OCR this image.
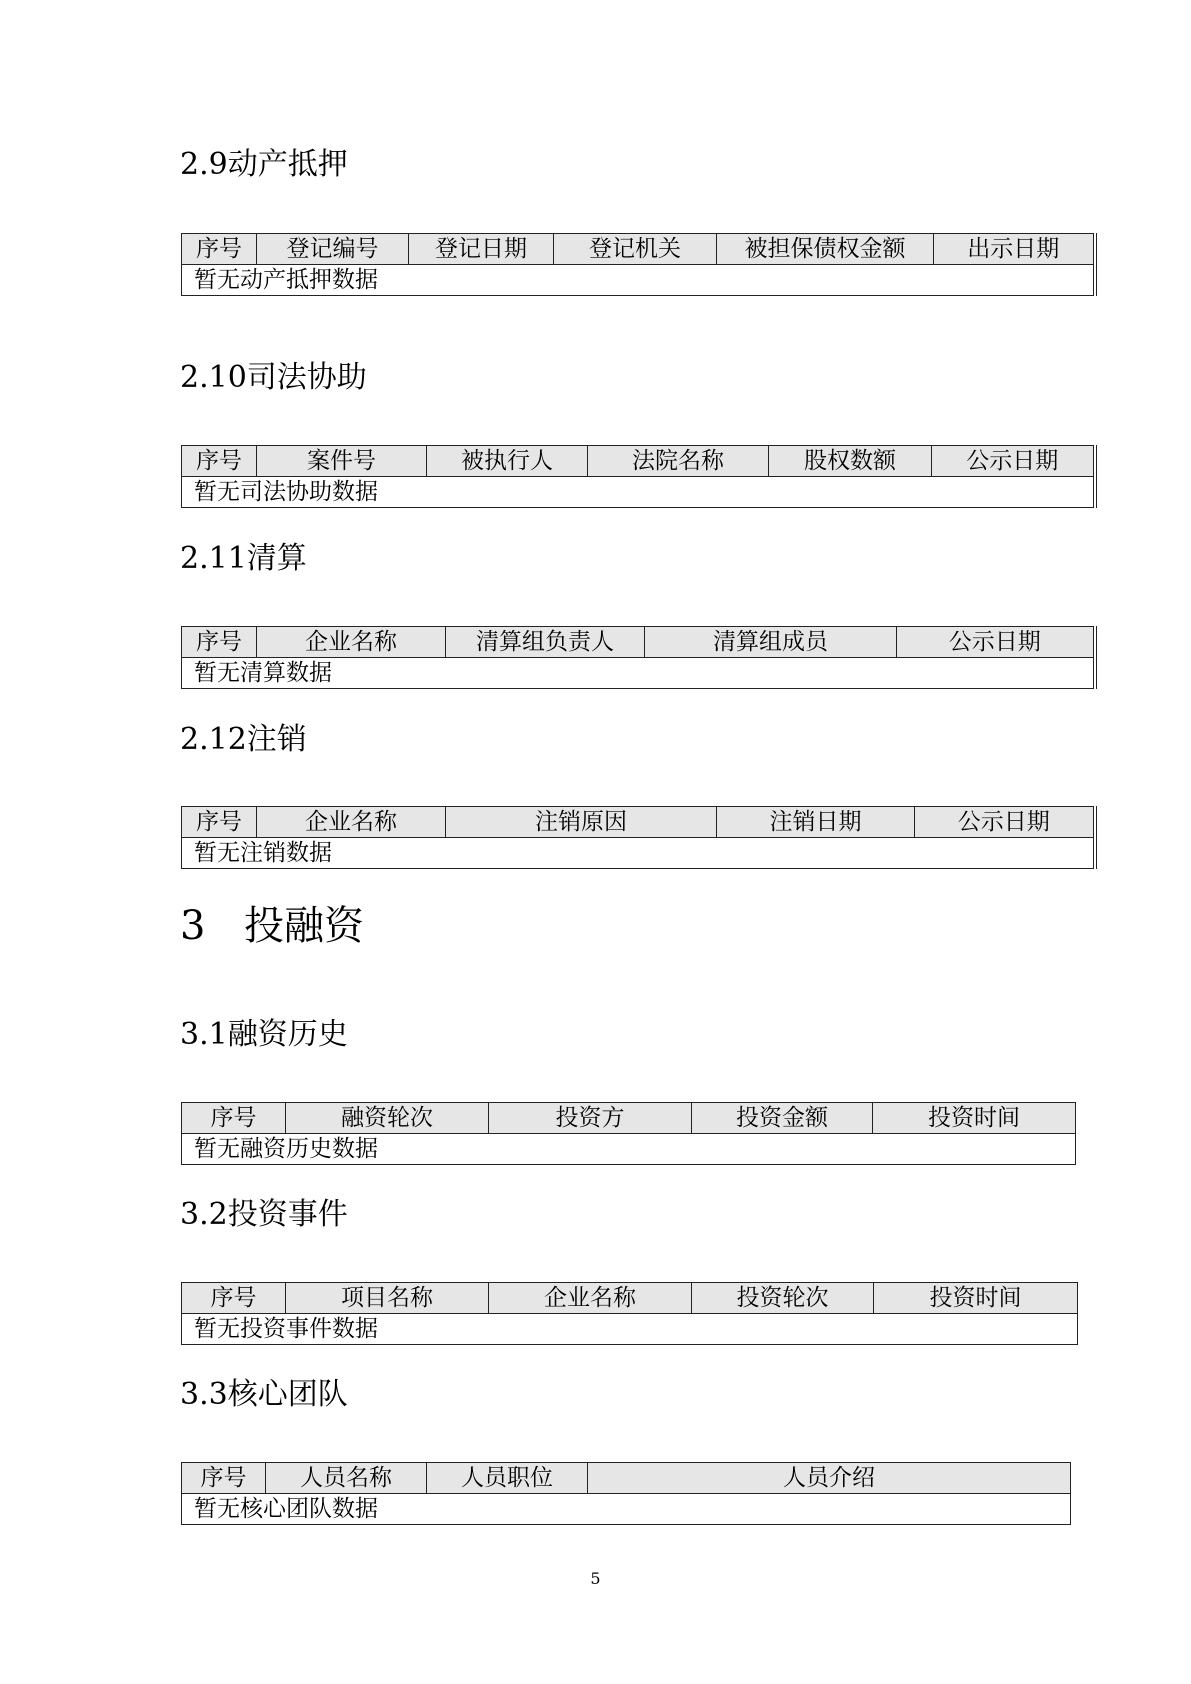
2.9动产抵押
序号	登记编号	登记日期	登记机关	被担保债权金额	出示日期
暂无动产抵押数据
2.10司法协助
序号	案件号	被执行人	法院名称	股权数额	公示日期
暂无司法协助数据
2.11清算
序号	企业名称	清算组负责人	清算组成员	公示日期
暂无清算数据
2.12注销
序号	企业名称	注销原因	注销日期	公示日期
暂无注销数据
3 投融资
3.1融资历史
序号	融资轮次	投资方	投资金额	投资时间
暂无融资历史数据
3.2投资事件
序号	项目名称	企业名称	投资轮次	投资时间
暂无投资事件数据
3.3核心团队
序号	人员名称	人员职位	人员介绍
暂无核心团队数据
5
